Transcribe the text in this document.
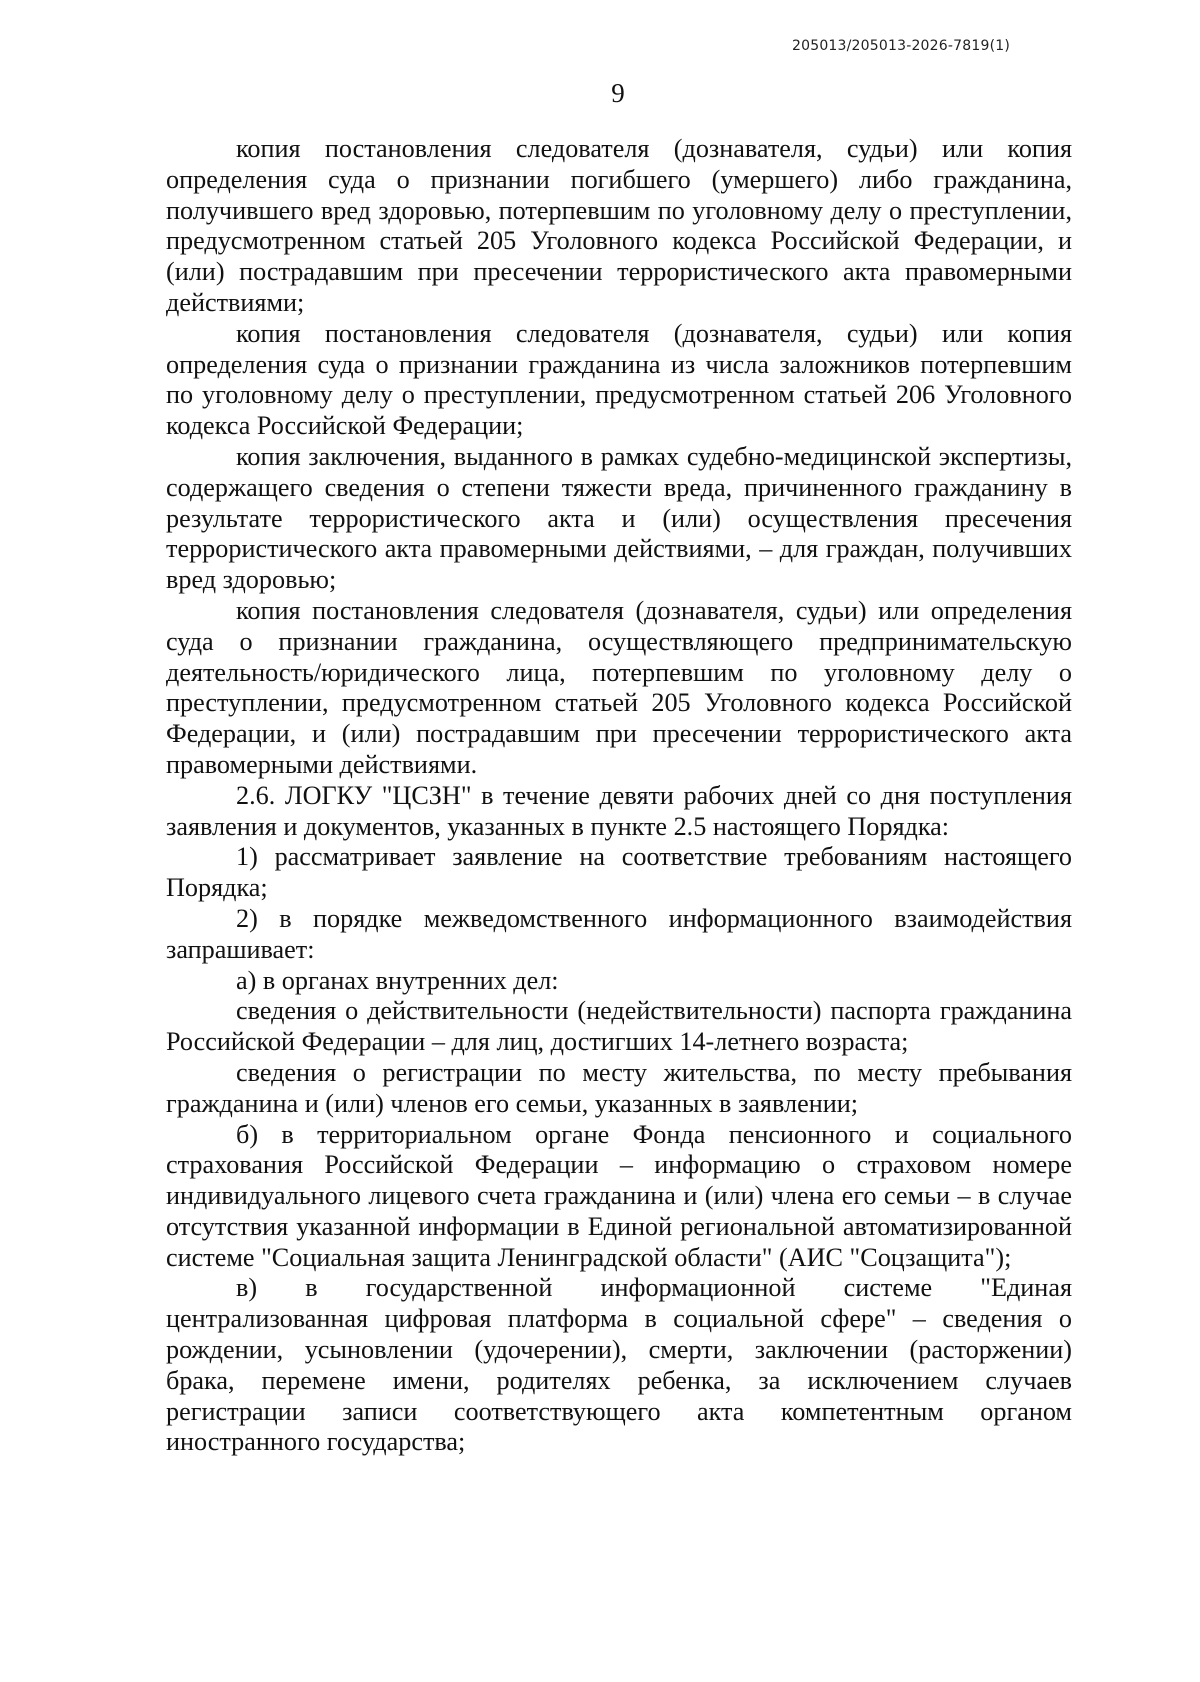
205013/205013-2026-7819(1)
9

копия постановления следователя (дознавателя, судьи) или копия определения суда о признании погибшего (умершего) либо гражданина, получившего вред здоровью, потерпевшим по уголовному делу о преступлении, предусмотренном статьей 205 Уголовного кодекса Российской Федерации, и (или) пострадавшим при пресечении террористического акта правомерными действиями;

копия постановления следователя (дознавателя, судьи) или копия определения суда о признании гражданина из числа заложников потерпевшим по уголовному делу о преступлении, предусмотренном статьей 206 Уголовного кодекса Российской Федерации;

копия заключения, выданного в рамках судебно-медицинской экспертизы, содержащего сведения о степени тяжести вреда, причиненного гражданину в результате террористического акта и (или) осуществления пресечения террористического акта правомерными действиями, – для граждан, получивших вред здоровью;

копия постановления следователя (дознавателя, судьи) или определения суда о признании гражданина, осуществляющего предпринимательскую деятельность/юридического лица, потерпевшим по уголовному делу о преступлении, предусмотренном статьей 205 Уголовного кодекса Российской Федерации, и (или) пострадавшим при пресечении террористического акта правомерными действиями.

2.6. ЛОГКУ "ЦСЗН" в течение девяти рабочих дней со дня поступления заявления и документов, указанных в пункте 2.5 настоящего Порядка:

1) рассматривает заявление на соответствие требованиям настоящего Порядка;

2) в порядке межведомственного информационного взаимодействия запрашивает:

а) в органах внутренних дел:

сведения о действительности (недействительности) паспорта гражданина Российской Федерации – для лиц, достигших 14-летнего возраста;

сведения о регистрации по месту жительства, по месту пребывания гражданина и (или) членов его семьи, указанных в заявлении;

б) в территориальном органе Фонда пенсионного и социального страхования Российской Федерации – информацию о страховом номере индивидуального лицевого счета гражданина и (или) члена его семьи – в случае отсутствия указанной информации в Единой региональной автоматизированной системе "Социальная защита Ленинградской области" (АИС "Соцзащита");

в) в государственной информационной системе "Единая централизованная цифровая платформа в социальной сфере" – сведения о рождении, усыновлении (удочерении), смерти, заключении (расторжении) брака, перемене имени, родителях ребенка, за исключением случаев регистрации записи соответствующего акта компетентным органом иностранного государства;
